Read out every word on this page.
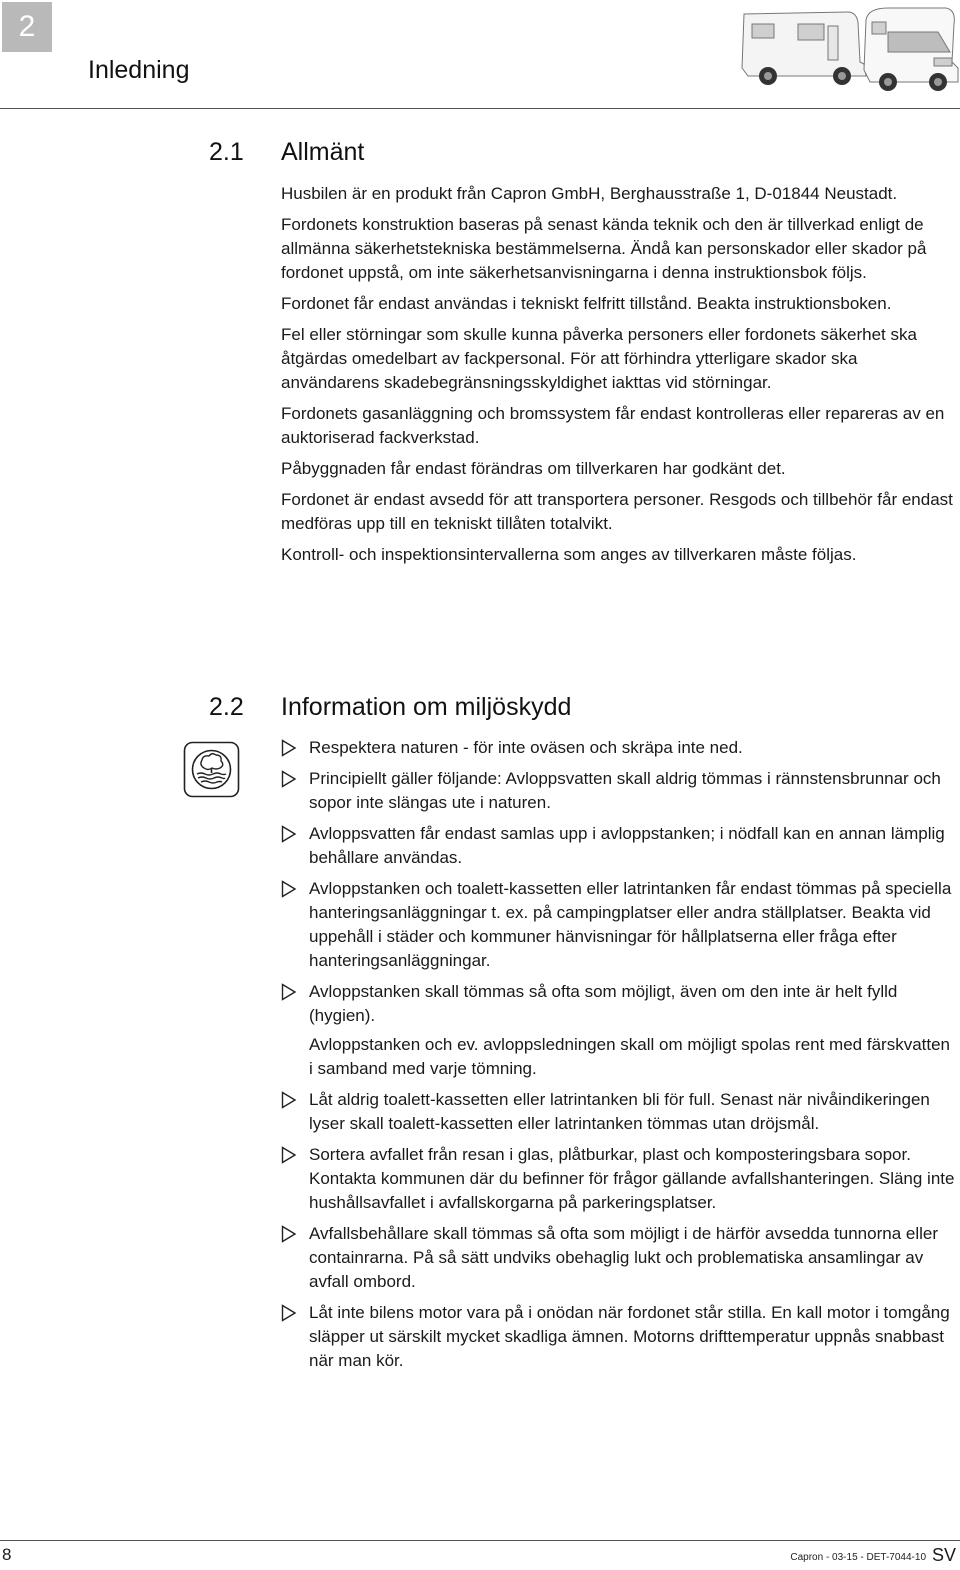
2
Inledning
2.1 Allmänt

Husbilen är en produkt från Capron GmbH, Berghausstraße 1, D-01844 Neustadt.

Fordonets konstruktion baseras på senast kända teknik och den är tillverkad enligt de allmänna säkerhetstekniska bestämmelserna. Ändå kan personskador eller skador på fordonet uppstå, om inte säkerhetsanvisningarna i denna instruktionsbok följs.

Fordonet får endast användas i tekniskt felfritt tillstånd. Beakta instruktionsboken.

Fel eller störningar som skulle kunna påverka personers eller fordonets säkerhet ska åtgärdas omedelbart av fackpersonal. För att förhindra ytterligare skador ska användarens skadebegränsningsskyldighet iakttas vid störningar.

Fordonets gasanläggning och bromssystem får endast kontrolleras eller repareras av en auktoriserad fackverkstad.

Påbyggnaden får endast förändras om tillverkaren har godkänt det.

Fordonet är endast avsedd för att transportera personer. Resgods och tillbehör får endast medföras upp till en tekniskt tillåten totalvikt.

Kontroll- och inspektionsintervallerna som anges av tillverkaren måste följas.

2.2 Information om miljöskydd
Respektera naturen - för inte oväsen och skräpa inte ned.
Principiellt gäller följande: Avloppsvatten skall aldrig tömmas i rännstensbrunnar och sopor inte slängas ute i naturen.
Avloppsvatten får endast samlas upp i avloppstanken; i nödfall kan en annan lämplig behållare användas.
Avloppstanken och toalett-kassetten eller latrintanken får endast tömmas på speciella hanteringsanläggningar t. ex. på campingplatser eller andra ställplatser. Beakta vid uppehåll i städer och kommuner hänvisningar för hållplatserna eller fråga efter hanteringsanläggningar.
Avloppstanken skall tömmas så ofta som möjligt, även om den inte är helt fylld (hygien).
Avloppstanken och ev. avloppsledningen skall om möjligt spolas rent med färskvatten i samband med varje tömning.
Låt aldrig toalett-kassetten eller latrintanken bli för full. Senast när nivåindikeringen lyser skall toalett-kassetten eller latrintanken tömmas utan dröjsmål.
Sortera avfallet från resan i glas, plåtburkar, plast och komposteringsbara sopor. Kontakta kommunen där du befinner för frågor gällande avfallshanteringen. Släng inte hushållsavfallet i avfallskorgarna på parkeringsplatser.
Avfallsbehållare skall tömmas så ofta som möjligt i de härför avsedda tunnorna eller containrarna. På så sätt undviks obehaglig lukt och problematiska ansamlingar av avfall ombord.
Låt inte bilens motor vara på i onödan när fordonet står stilla. En kall motor i tomgång släpper ut särskilt mycket skadliga ämnen. Motorns drifttemperatur uppnås snabbast när man kör.
8	Capron - 03-15 - DET-7044-10 SV
